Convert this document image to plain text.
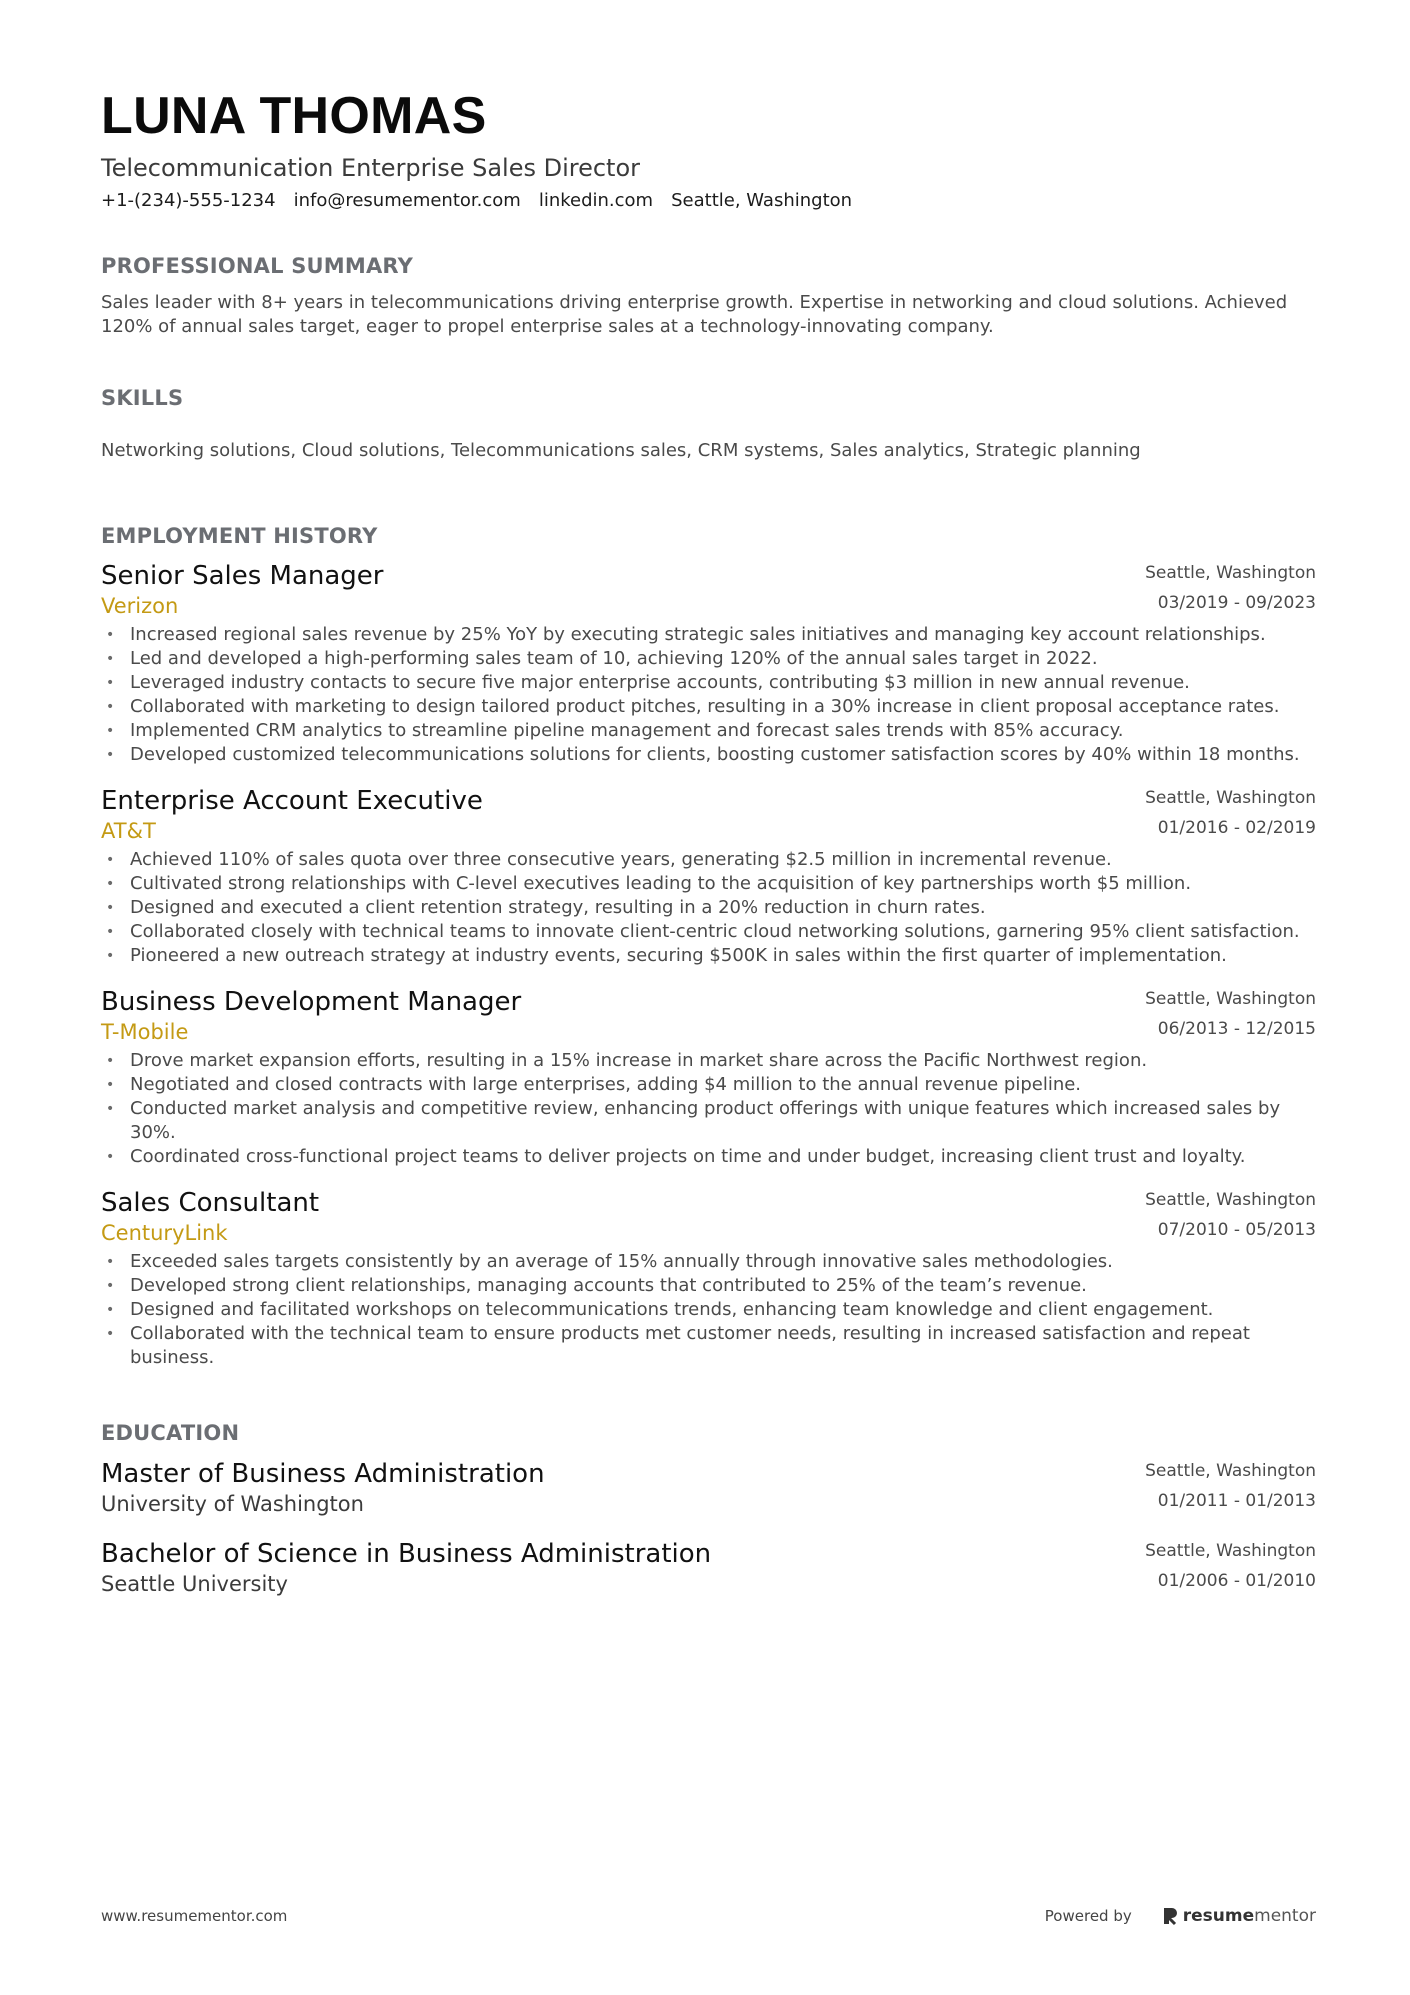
LUNA THOMAS
Telecommunication Enterprise Sales Director
+1-(234)-555-1234 info@resumementor.com linkedin.com Seattle, Washington
PROFESSIONAL SUMMARY
Sales leader with 8+ years in telecommunications driving enterprise growth. Expertise in networking and cloud solutions. Achieved 120% of annual sales target, eager to propel enterprise sales at a technology-innovating company.
SKILLS
Networking solutions, Cloud solutions, Telecommunications sales, CRM systems, Sales analytics, Strategic planning
EMPLOYMENT HISTORY
Senior Sales Manager
Verizon
Seattle, Washington
03/2019 - 09/2023
• Increased regional sales revenue by 25% YoY by executing strategic sales initiatives and managing key account relationships.
• Led and developed a high-performing sales team of 10, achieving 120% of the annual sales target in 2022.
• Leveraged industry contacts to secure five major enterprise accounts, contributing $3 million in new annual revenue.
• Collaborated with marketing to design tailored product pitches, resulting in a 30% increase in client proposal acceptance rates.
• Implemented CRM analytics to streamline pipeline management and forecast sales trends with 85% accuracy.
• Developed customized telecommunications solutions for clients, boosting customer satisfaction scores by 40% within 18 months.
Enterprise Account Executive
AT&T
Seattle, Washington
01/2016 - 02/2019
• Achieved 110% of sales quota over three consecutive years, generating $2.5 million in incremental revenue.
• Cultivated strong relationships with C-level executives leading to the acquisition of key partnerships worth $5 million.
• Designed and executed a client retention strategy, resulting in a 20% reduction in churn rates.
• Collaborated closely with technical teams to innovate client-centric cloud networking solutions, garnering 95% client satisfaction.
• Pioneered a new outreach strategy at industry events, securing $500K in sales within the first quarter of implementation.
Business Development Manager
T-Mobile
Seattle, Washington
06/2013 - 12/2015
• Drove market expansion efforts, resulting in a 15% increase in market share across the Pacific Northwest region.
• Negotiated and closed contracts with large enterprises, adding $4 million to the annual revenue pipeline.
• Conducted market analysis and competitive review, enhancing product offerings with unique features which increased sales by 30%.
• Coordinated cross-functional project teams to deliver projects on time and under budget, increasing client trust and loyalty.
Sales Consultant
CenturyLink
Seattle, Washington
07/2010 - 05/2013
• Exceeded sales targets consistently by an average of 15% annually through innovative sales methodologies.
• Developed strong client relationships, managing accounts that contributed to 25% of the team’s revenue.
• Designed and facilitated workshops on telecommunications trends, enhancing team knowledge and client engagement.
• Collaborated with the technical team to ensure products met customer needs, resulting in increased satisfaction and repeat business.
EDUCATION
Master of Business Administration
University of Washington
Seattle, Washington
01/2011 - 01/2013
Bachelor of Science in Business Administration
Seattle University
Seattle, Washington
01/2006 - 01/2010
www.resumementor.com	Powered by	resume mentor
